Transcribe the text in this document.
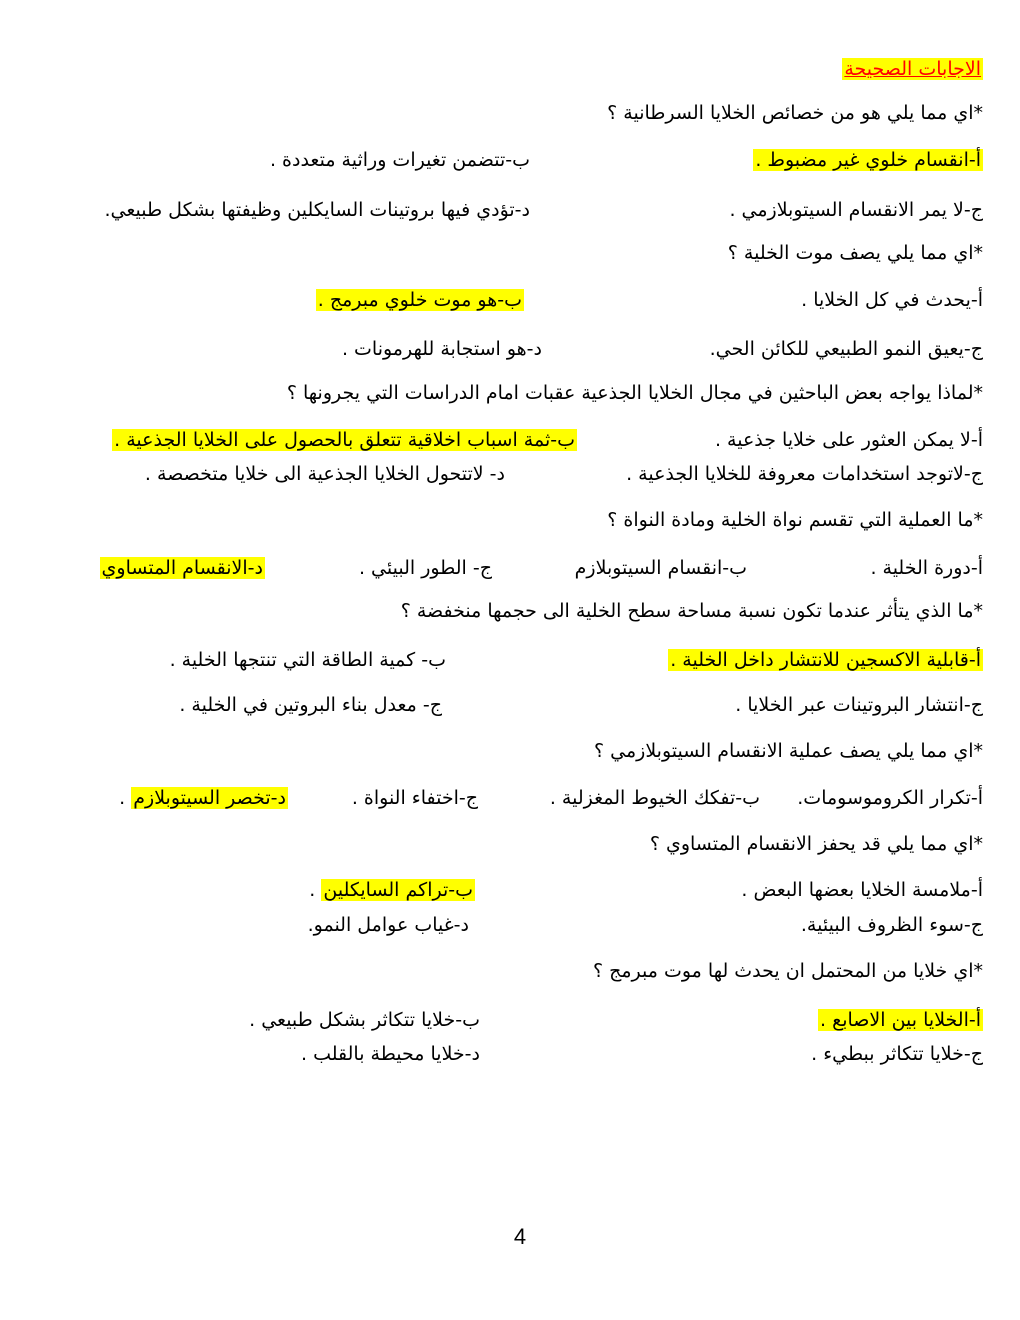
الاجابات الصحيحة
*اي مما يلي هو من خصائص الخلايا السرطانية ؟
أ-انقسام خلوي غير مضبوط .
ب-تتضمن تغيرات وراثية متعددة .
ج-لا يمر الانقسام السيتوبلازمي .
د-تؤدي فيها بروتينات السايكلين وظيفتها بشكل طبيعي.
*اي مما يلي يصف موت الخلية ؟
أ-يحدث في كل الخلايا .
ب-هو موت خلوي مبرمج .
ج-يعيق النمو الطبيعي للكائن الحي.
د-هو استجابة للهرمونات .
*لماذا يواجه بعض الباحثين في مجال الخلايا الجذعية عقبات امام الدراسات التي يجرونها ؟
أ-لا يمكن العثور على خلايا جذعية .
ب-ثمة اسباب اخلاقية تتعلق بالحصول على الخلايا الجذعية .
ج-لاتوجد استخدامات معروفة للخلايا الجذعية .
د- لاتتحول الخلايا الجذعية الى خلايا متخصصة .
*ما العملية التي تقسم نواة الخلية ومادة النواة ؟
أ-دورة الخلية .
ب-انقسام السيتوبلازم
ج- الطور البيئي .
د-الانقسام المتساوي
*ما الذي يتأثر عندما تكون نسبة مساحة سطح الخلية الى حجمها منخفضة ؟
أ-قابلية الاكسجين للانتشار داخل الخلية .
ب- كمية الطاقة التي تنتجها الخلية .
ج-انتشار البروتينات عبر الخلايا .
ج- معدل بناء البروتين في الخلية .
*اي مما يلي يصف عملية الانقسام السيتوبلازمي ؟
أ-تكرار الكروموسومات.
ب-تفكك الخيوط المغزلية .
ج-اختفاء النواة .
د-تخصر السيتوبلازم .
*اي مما يلي قد يحفز الانقسام المتساوي ؟
أ-ملامسة الخلايا بعضها البعض .
ب-تراكم السايكلين .
ج-سوء الظروف البيئية.
د-غياب عوامل النمو.
*اي خلايا من المحتمل ان يحدث لها موت مبرمج ؟
أ-الخلايا بين الاصابع .
ب-خلايا تتكاثر بشكل طبيعي .
ج-خلايا تتكاثر ببطيء .
د-خلايا محيطة بالقلب .
4
